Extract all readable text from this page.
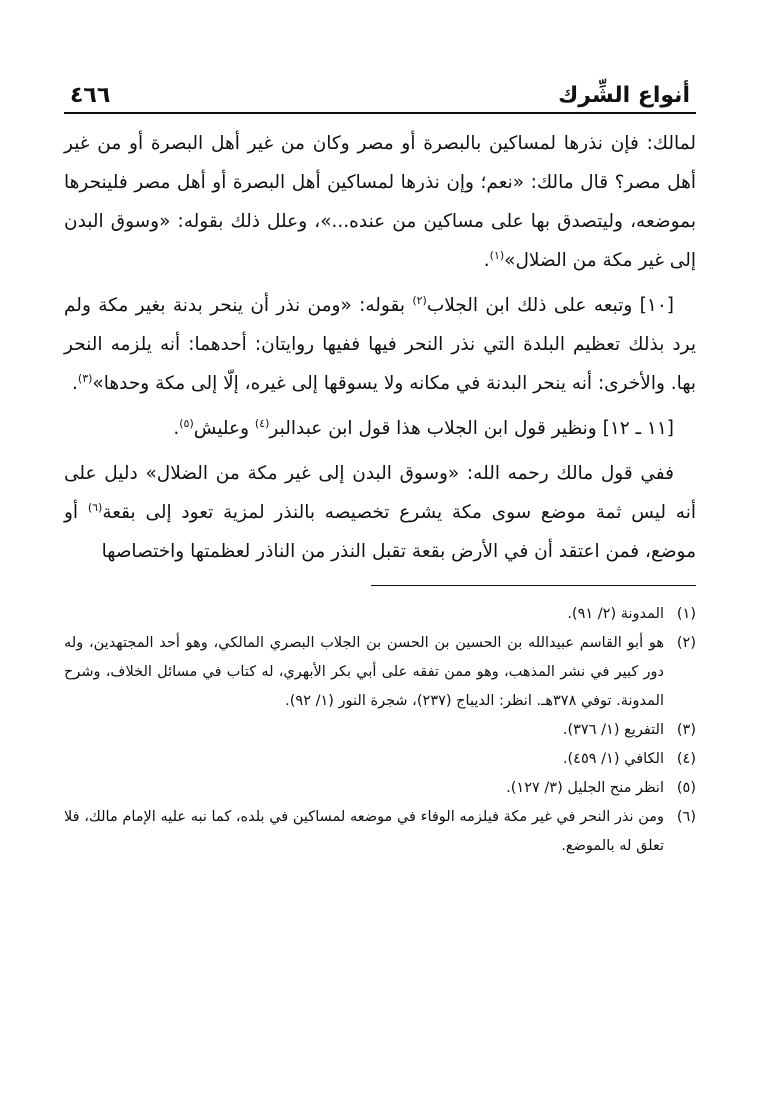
أنواع الشِّرك
٤٦٦

لمالك: فإن نذرها لمساكين بالبصرة أو مصر وكان من غير أهل البصرة أو من غير أهل مصر؟ قال مالك: «نعم؛ وإن نذرها لمساكين أهل البصرة أو أهل مصر فلينحرها بموضعه، وليتصدق بها على مساكين من عنده...»، وعلل ذلك بقوله: «وسوق البدن إلى غير مكة من الضلال»$^{(١)}$.

[١٠] وتبعه على ذلك ابن الجلاب$^{(٢)}$ بقوله: «ومن نذر أن ينحر بدنة بغير مكة ولم يرد بذلك تعظيم البلدة التي نذر النحر فيها ففيها روايتان: أحدهما: أنه يلزمه النحر بها. والأخرى: أنه ينحر البدنة في مكانه ولا يسوقها إلى غيره، إلّا إلى مكة وحدها»$^{(٣)}$.

[١١ ـ ١٢] ونظير قول ابن الجلاب هذا قول ابن عبدالبر$^{(٤)}$ وعليش$^{(٥)}$.

ففي قول مالك رحمه الله: «وسوق البدن إلى غير مكة من الضلال» دليل على أنه ليس ثمة موضع سوى مكة يشرع تخصيصه بالنذر لمزية تعود إلى بقعة$^{(٦)}$ أو موضع، فمن اعتقد أن في الأرض بقعة تقبل النذر من الناذر لعظمتها واختصاصها

(١)المدونة (٢/ ٩١).

(٢)هو أبو القاسم عبيدالله بن الحسين بن الحسن بن الجلاب البصري المالكي، وهو أحد المجتهدين، وله دور كبير في نشر المذهب، وهو ممن تفقه على أبي بكر الأبهري، له كتاب في مسائل الخلاف، وشرح المدونة. توفي ٣٧٨هـ. انظر: الديباج (٢٣٧)، شجرة النور (١/ ٩٢).

(٣)التفريع (١/ ٣٧٦).

(٤)الكافي (١/ ٤٥٩).

(٥)انظر منح الجليل (٣/ ١٢٧).

(٦)ومن نذر النحر في غير مكة فيلزمه الوفاء في موضعه لمساكين في بلده، كما نبه عليه الإمام مالك، فلا تعلق له بالموضع.
